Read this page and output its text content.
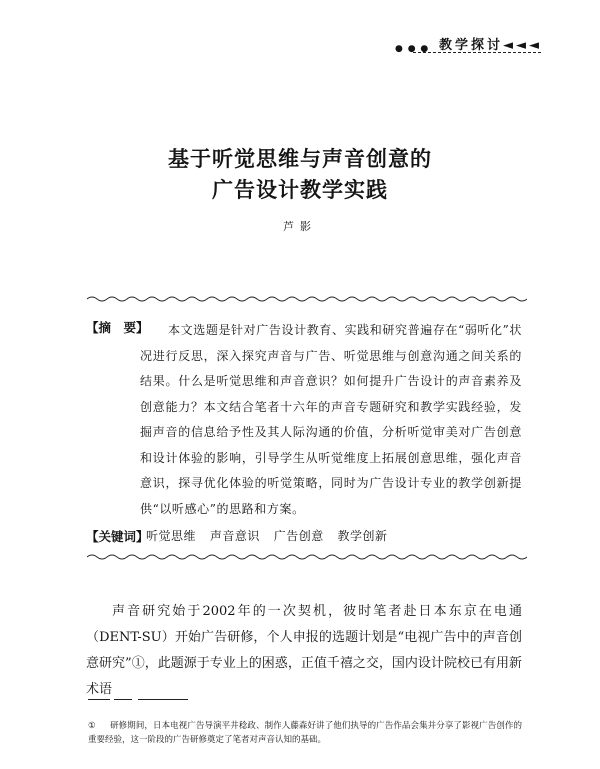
● ● ● 教学探讨◄◄◄
基于听觉思维与声音创意的
广告设计教学实践
芦影
【摘　要】	本文选题是针对广告设计教育、实践和研究普遍存在“弱听化”状况进行反思，深入探究声音与广告、听觉思维与创意沟通之间关系的结果。什么是听觉思维和声音意识？如何提升广告设计的声音素养及创意能力？本文结合笔者十六年的声音专题研究和教学实践经验，发掘声音的信息给予性及其人际沟通的价值，分析听觉审美对广告创意和设计体验的影响，引导学生从听觉维度上拓展创意思维，强化声音意识，探寻优化体验的听觉策略，同时为广告设计专业的教学创新提供“以听感心”的思路和方案。

【关键词】
听觉思维 声音意识 广告创意 教学创新

声音研究始于2002年的一次契机，彼时笔者赴日本东京在电通（DENT-SU）开始广告研修，个人申报的选题计划是“电视广告中的声音创意研究”①，此题源于专业上的困惑，正值千禧之交，国内设计院校已有用新术语

① 研修期间，日本电视广告导演平井稔政、制作人藤森好讲了他们执导的广告作品会集并分享了影视广告创作的重要经验，这一阶段的广告研修奠定了笔者对声音认知的基础。
